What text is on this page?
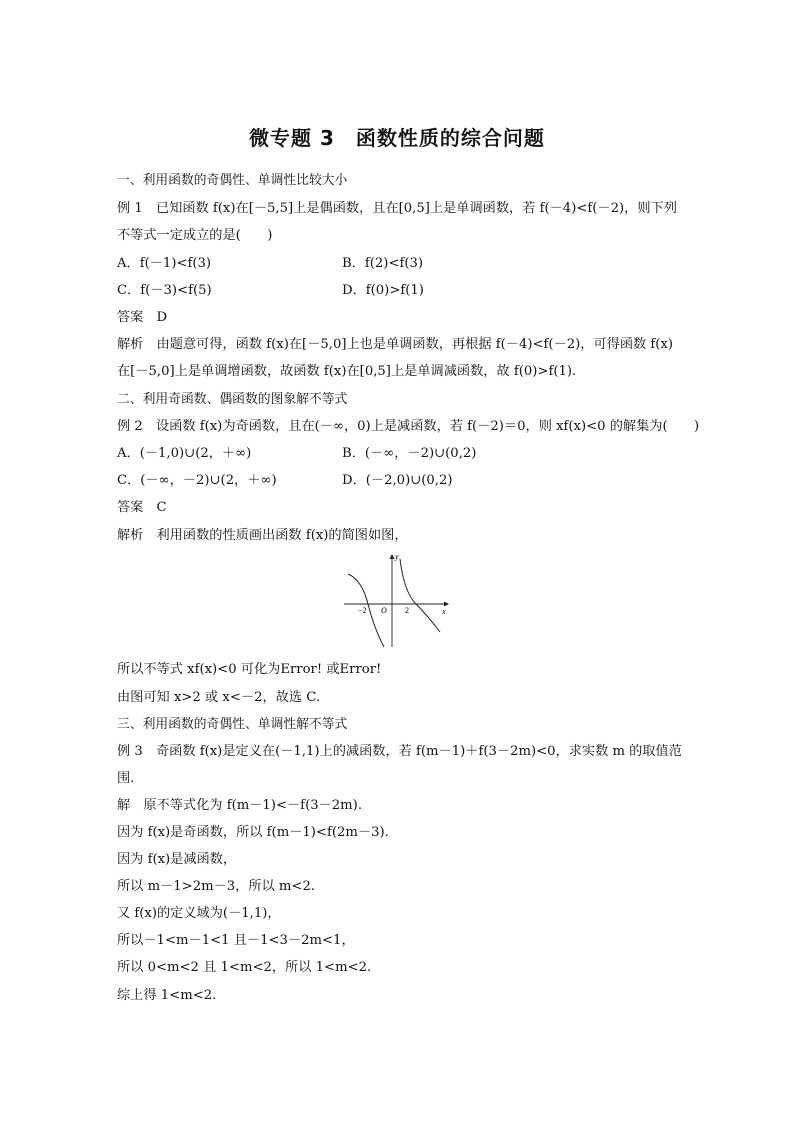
微专题 3　函数性质的综合问题
一、利用函数的奇偶性、单调性比较大小
例 1　已知函数 f(x)在[－5,5]上是偶函数，且在[0,5]上是单调函数，若 f(－4)<f(－2)，则下列
不等式一定成立的是(　　)
A．f(－1)<f(3)	B．f(2)<f(3)
C．f(－3)<f(5)	D．f(0)>f(1)
答案　D
解析　由题意可得，函数 f(x)在[－5,0]上也是单调函数，再根据 f(－4)<f(－2)，可得函数 f(x)
在[－5,0]上是单调增函数，故函数 f(x)在[0,5]上是单调减函数，故 f(0)>f(1).
二、利用奇函数、偶函数的图象解不等式
例 2　设函数 f(x)为奇函数，且在(－∞，0)上是减函数，若 f(－2)＝0，则 xf(x)<0 的解集为(　　)
A．(－1,0)∪(2，＋∞)	B．(－∞，－2)∪(0,2)
C．(－∞，－2)∪(2，＋∞)	D．(－2,0)∪(0,2)
答案　C
解析　利用函数的性质画出函数 f(x)的简图如图，
y
x
O
−2	2
所以不等式 xf(x)<0 可化为Error! 或Error!
由图可知 x>2 或 x<－2，故选 C.
三、利用函数的奇偶性、单调性解不等式
例 3　奇函数 f(x)是定义在(－1,1)上的减函数，若 f(m－1)＋f(3－2m)<0，求实数 m 的取值范
围.
解　原不等式化为 f(m－1)<－f(3－2m).
因为 f(x)是奇函数，所以 f(m－1)<f(2m－3).
因为 f(x)是减函数，
所以 m－1>2m－3，所以 m<2.
又 f(x)的定义域为(－1,1)，
所以－1<m－1<1 且－1<3－2m<1，
所以 0<m<2 且 1<m<2，所以 1<m<2.
综上得 1<m<2.
